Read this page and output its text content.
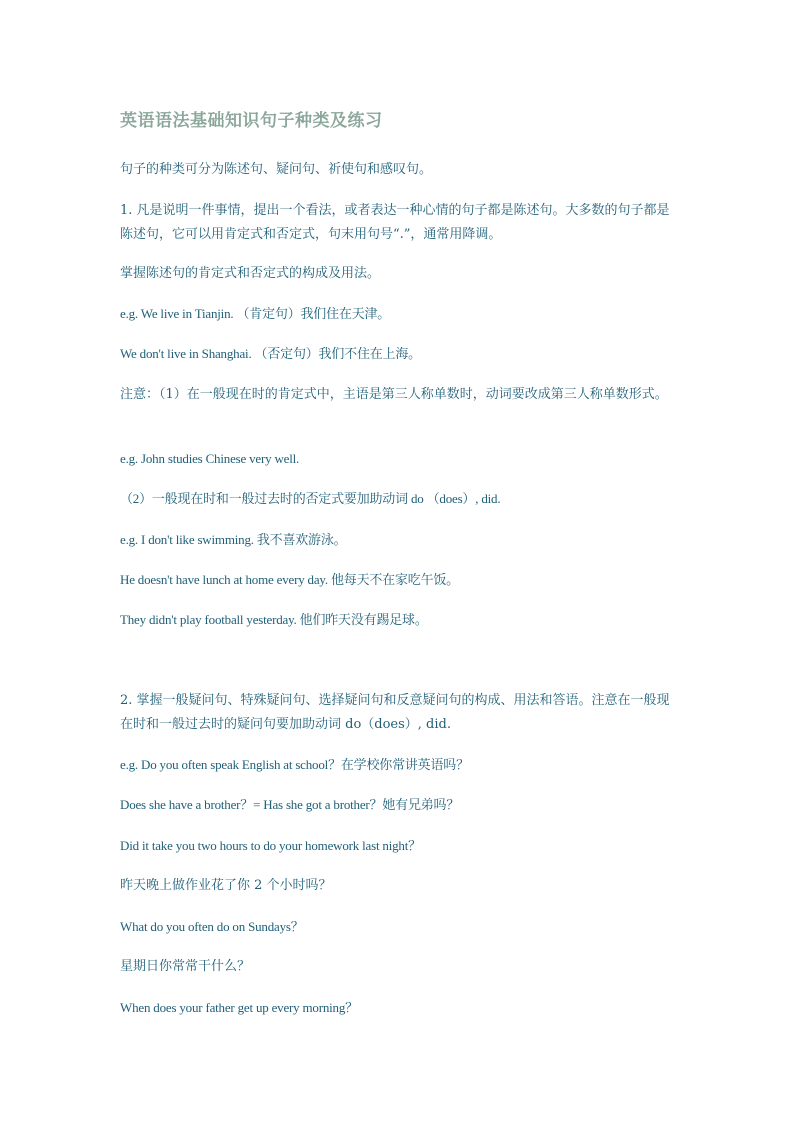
英语语法基础知识句子种类及练习
句子的种类可分为陈述句、疑问句、祈使句和感叹句。
1. 凡是说明一件事情，提出一个看法，或者表达一种心情的句子都是陈述句。大多数的句子都是陈述句，它可以用肯定式和否定式，句末用句号“.”，通常用降调。
掌握陈述句的肯定式和否定式的构成及用法。
e.g. We live in Tianjin. （肯定句）我们住在天津。
We don't live in Shanghai. （否定句）我们不住在上海。
注意：（1）在一般现在时的肯定式中，主语是第三人称单数时，动词要改成第三人称单数形式。
e.g. John studies Chinese very well.
（2）一般现在时和一般过去时的否定式要加助动词 do （does）, did.
e.g. I don't like swimming. 我不喜欢游泳。
He doesn't have lunch at home every day. 他每天不在家吃午饭。
They didn't play football yesterday. 他们昨天没有踢足球。
2. 掌握一般疑问句、特殊疑问句、选择疑问句和反意疑问句的构成、用法和答语。注意在一般现在时和一般过去时的疑问句要加助动词 do（does）, did.
e.g. Do you often speak English at school？在学校你常讲英语吗？
Does she have a brother？= Has she got a brother？她有兄弟吗？
Did it take you two hours to do your homework last night？
昨天晚上做作业花了你 2 个小时吗？
What do you often do on Sundays？
星期日你常常干什么？
When does your father get up every morning？
